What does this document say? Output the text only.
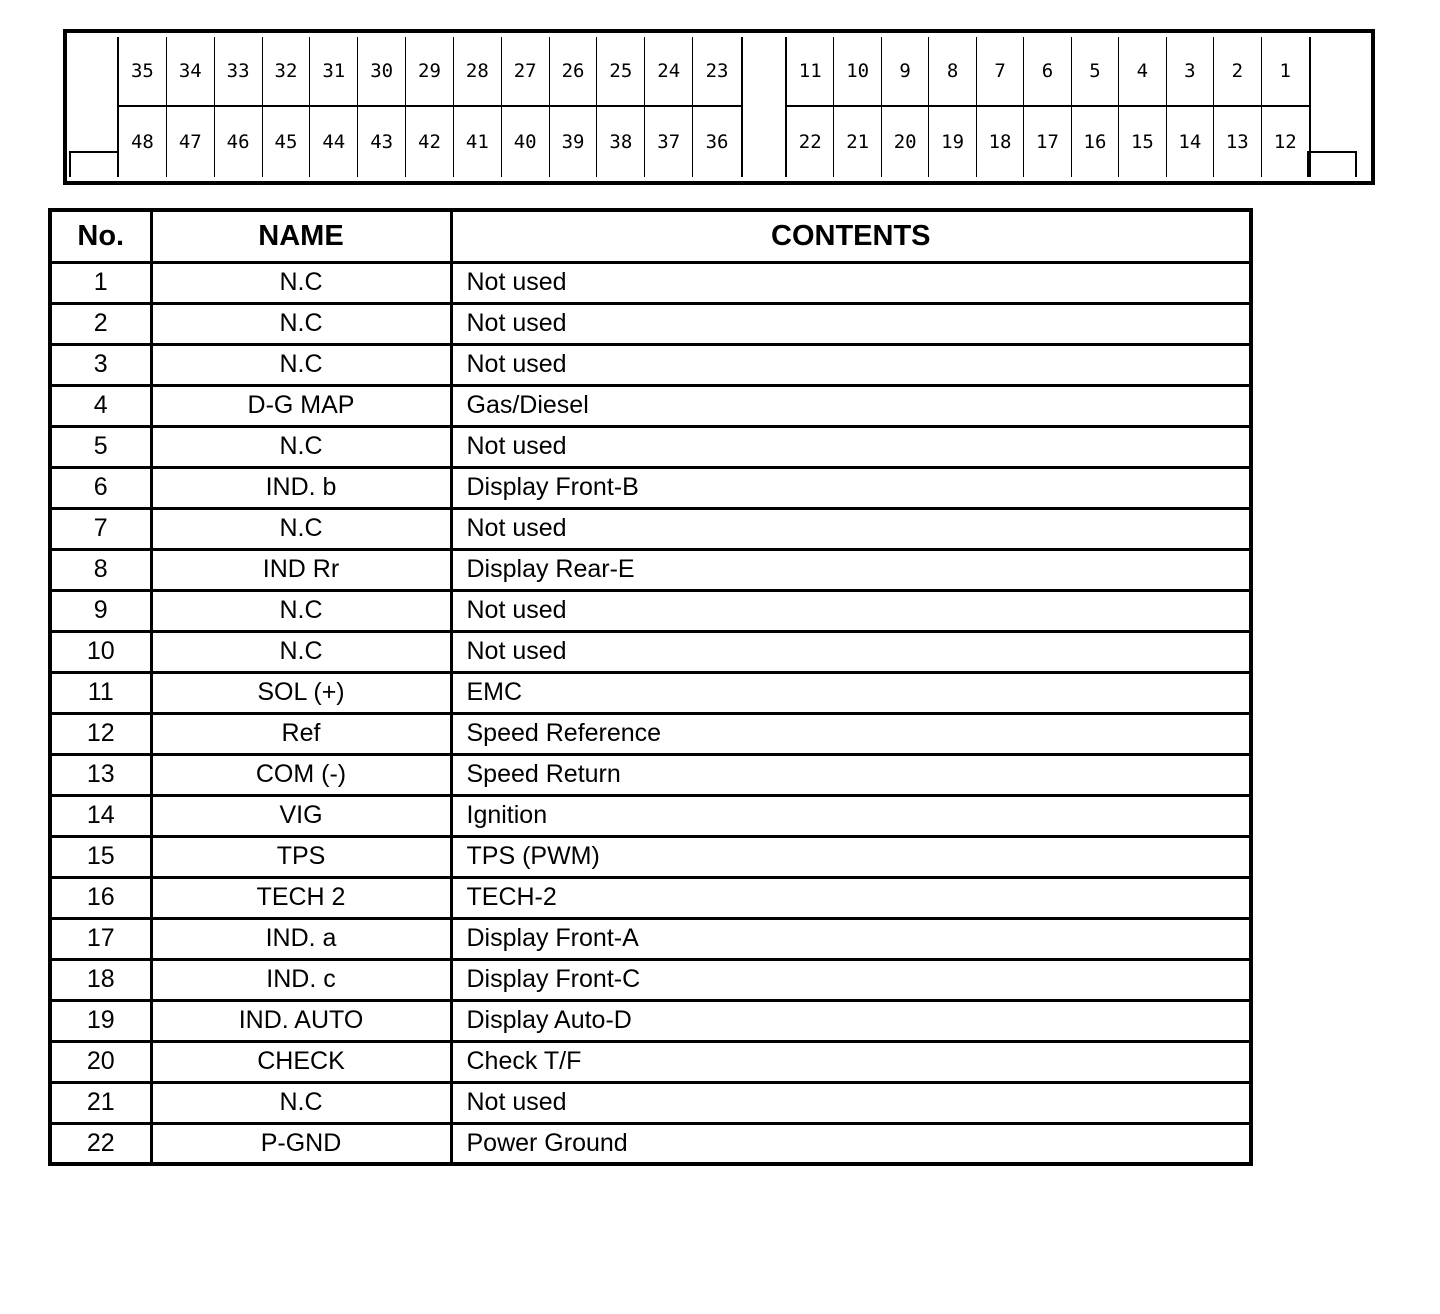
35	34	33	32	31	30	29	28	27	26	25	24	23
48	47	46	45	44	43	42	41	40	39	38	37	36
11	10	9	8	7	6	5	4	3	2	1
22	21	20	19	18	17	16	15	14	13	12
No.	NAME	CONTENTS
1	N.C	Not used
2	N.C	Not used
3	N.C	Not used
4	D-G MAP	Gas/Diesel
5	N.C	Not used
6	IND. b	Display Front-B
7	N.C	Not used
8	IND Rr	Display Rear-E
9	N.C	Not used
10	N.C	Not used
11	SOL (+)	EMC
12	Ref	Speed Reference
13	COM (-)	Speed Return
14	VIG	Ignition
15	TPS	TPS (PWM)
16	TECH 2	TECH-2
17	IND. a	Display Front-A
18	IND. c	Display Front-C
19	IND. AUTO	Display Auto-D
20	CHECK	Check T/F
21	N.C	Not used
22	P-GND	Power Ground
